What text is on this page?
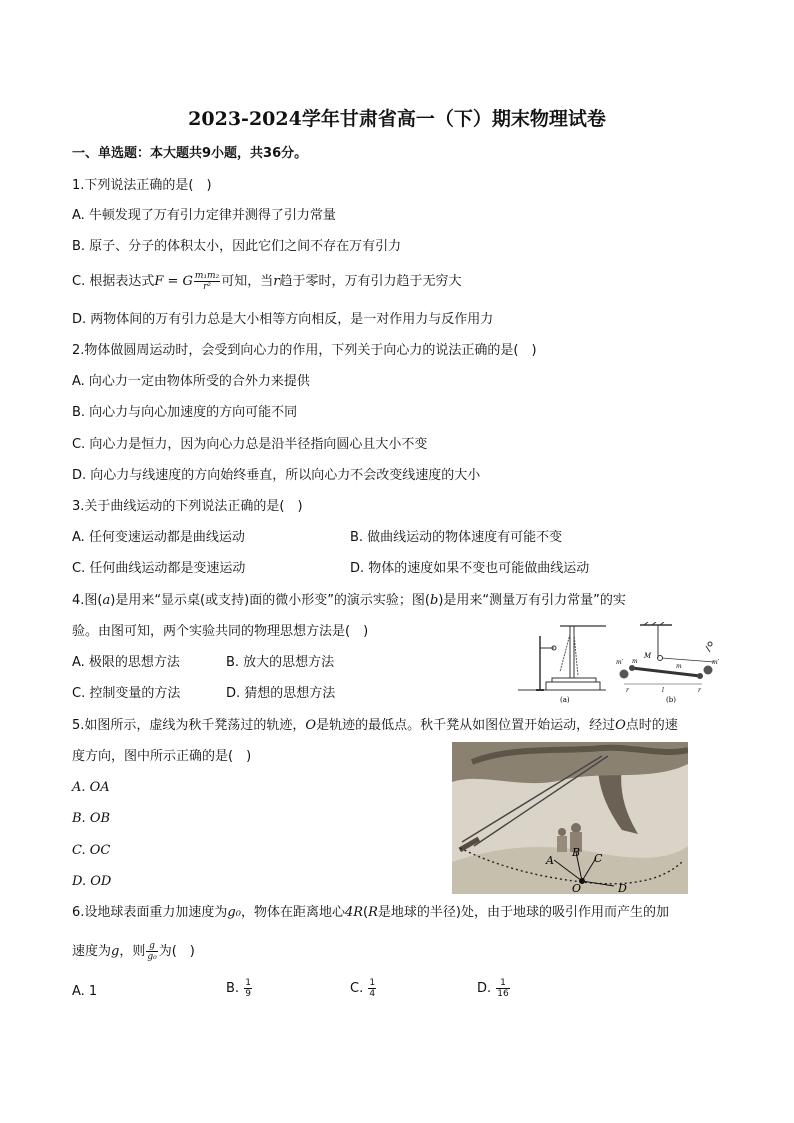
2023-2024学年甘肃省高一（下）期末物理试卷
一、单选题：本大题共9小题，共36分。
1.下列说法正确的是(　)
A. 牛顿发现了万有引力定律并测得了引力常量
B. 原子、分子的体积太小，因此它们之间不存在万有引力
C. 根据表达式F = G $\frac{\text{m₁m₂}}{\text{r²}}$ 可知，当r趋于零时，万有引力趋于无穷大
D. 两物体间的万有引力总是大小相等方向相反，是一对作用力与反作用力
2.物体做圆周运动时，会受到向心力的作用，下列关于向心力的说法正确的是(　)
A. 向心力一定由物体所受的合外力来提供
B. 向心力与向心加速度的方向可能不同
C. 向心力是恒力，因为向心力总是沿半径指向圆心且大小不变
D. 向心力与线速度的方向始终垂直，所以向心力不会改变线速度的大小
3.关于曲线运动的下列说法正确的是(　)
A. 任何变速运动都是曲线运动	B. 做曲线运动的物体速度有可能不变
C. 任何曲线运动都是变速运动	D. 物体的速度如果不变也可能做曲线运动
4.图(a)是用来“显示桌(或支持)面的微小形变”的演示实验；图(b)是用来“测量万有引力常量”的实
验。由图可知，两个实验共同的物理思想方法是(　)
A. 极限的思想方法	B. 放大的思想方法
C. 控制变量的方法	D. 猜想的思想方法	(a)
M
m′ m
m
m′
r	l	r
(b)
5.如图所示，虚线为秋千凳荡过的轨迹，O是轨迹的最低点。秋千凳从如图位置开始运动，经过O点时的速
度方向，图中所示正确的是(　)
A. OA
B. OB
C. OC
D. OD
A
B C
D
O
6.设地球表面重力加速度为g₀，物体在距离地心4R(R是地球的半径)处，由于地球的吸引作用而产生的加
速度为g，则 $\frac{g}{\text{g₀}}$ 为(　)
A. 1	B. $\frac{1}{9}$	C. $\frac{1}{4}$	D. $\frac{1}{16}$
